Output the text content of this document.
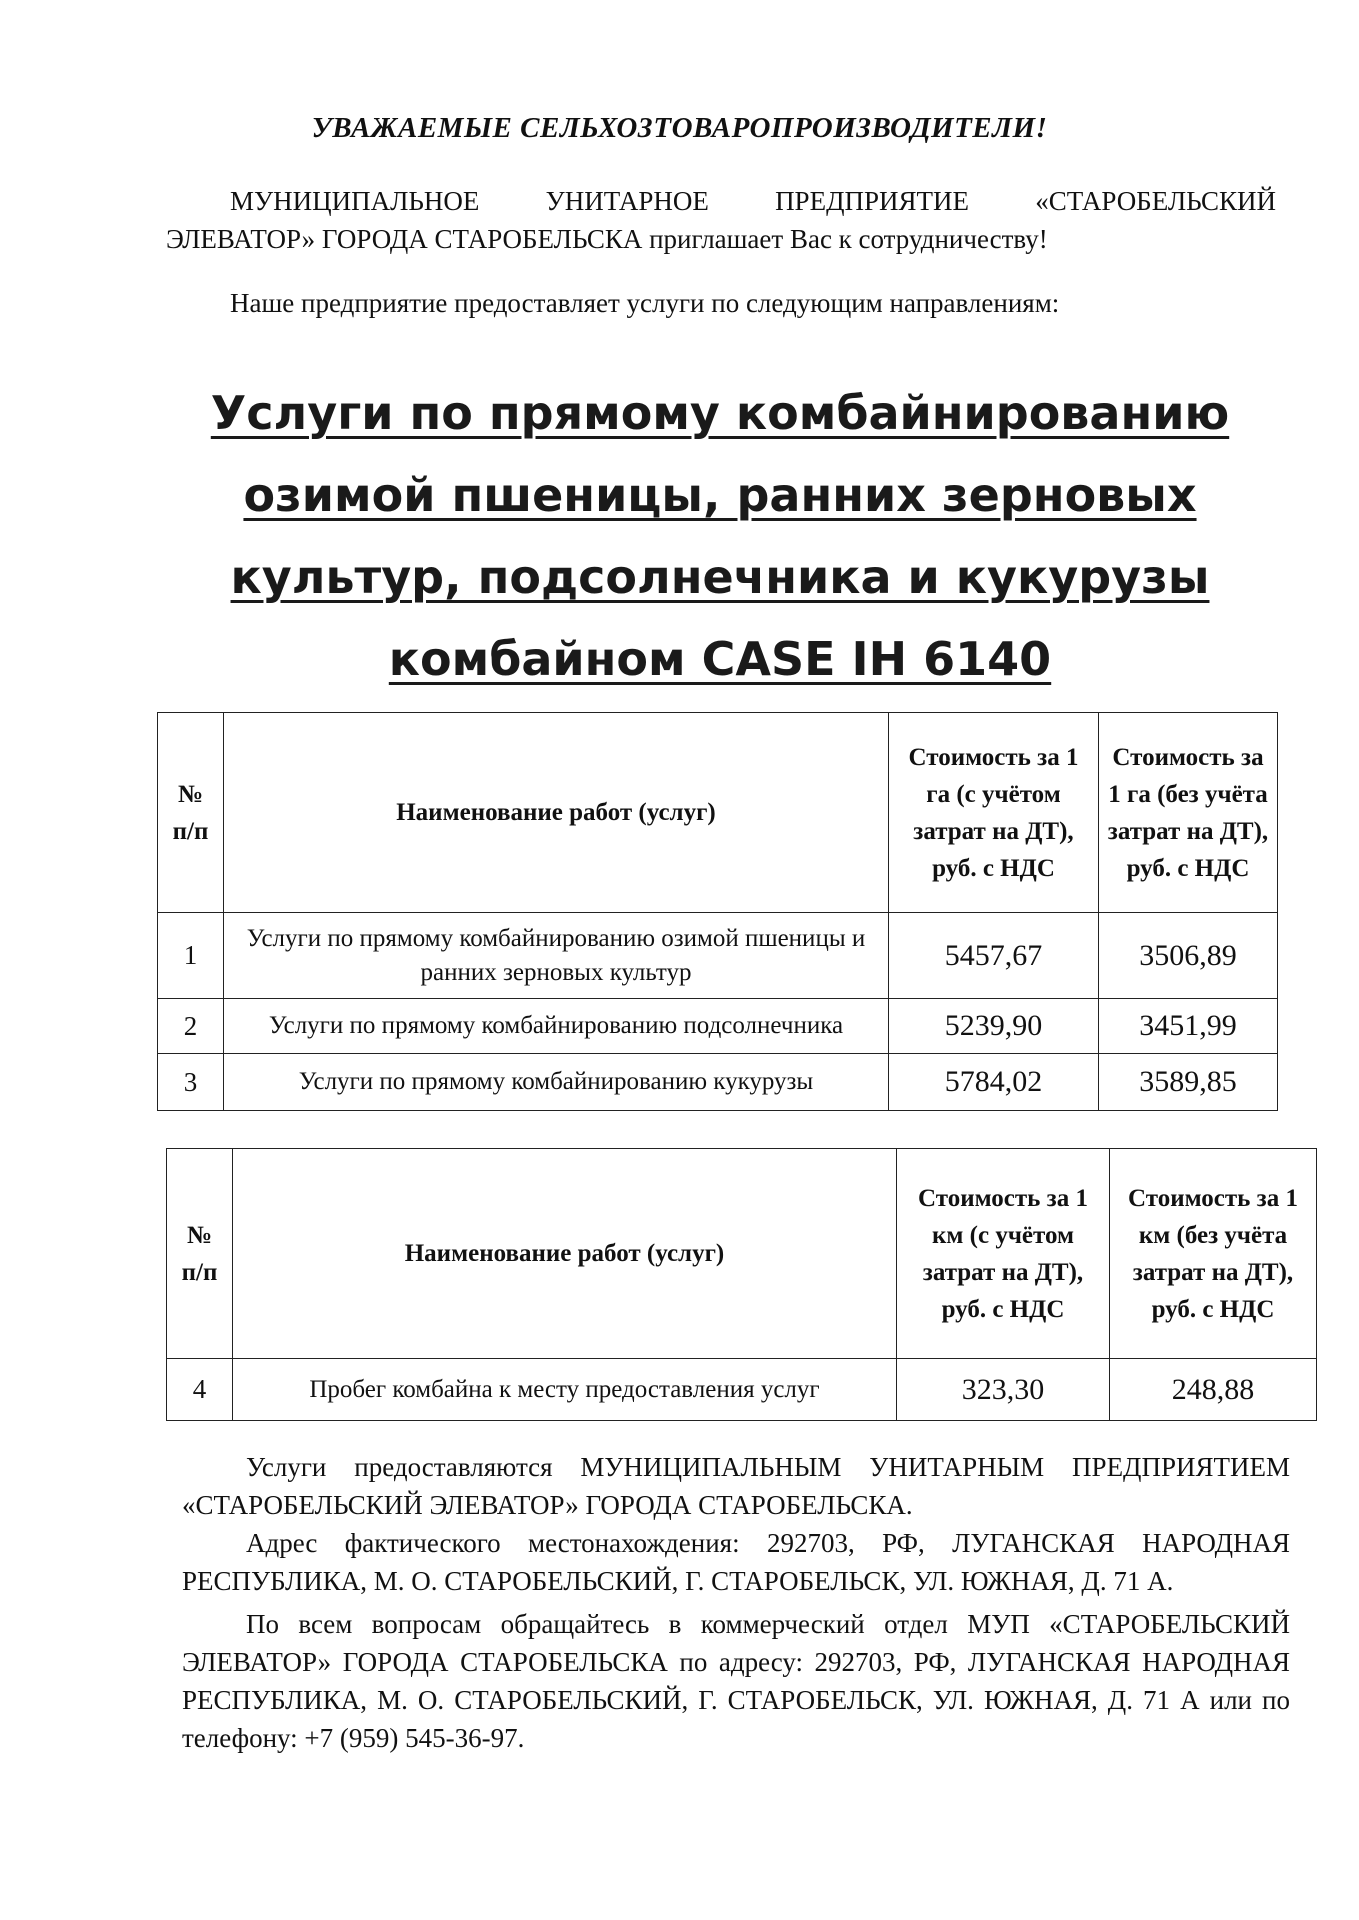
УВАЖАЕМЫЕ СЕЛЬХОЗТОВАРОПРОИЗВОДИТЕЛИ!
МУНИЦИПАЛЬНОЕ УНИТАРНОЕ ПРЕДПРИЯТИЕ «СТАРОБЕЛЬСКИЙ
ЭЛЕВАТОР» ГОРОДА СТАРОБЕЛЬСКА приглашает Вас к сотрудничеству!
Наше предприятие предоставляет услуги по следующим направлениям:
Услуги по прямому комбайнированию
озимой пшеницы, ранних зерновых
культур, подсолнечника и кукурузы
комбайном CASE IH 6140
№ п/п	Наименование работ (услуг)	Стоимость за 1 га (с учётом затрат на ДТ), руб. с НДС	Стоимость за 1 га (без учёта затрат на ДТ), руб. с НДС
1	Услуги по прямому комбайнированию озимой пшеницы и ранних зерновых культур	5457,67	3506,89
2	Услуги по прямому комбайнированию подсолнечника	5239,90	3451,99
3	Услуги по прямому комбайнированию кукурузы	5784,02	3589,85
№ п/п	Наименование работ (услуг)	Стоимость за 1 км (с учётом затрат на ДТ), руб. с НДС	Стоимость за 1 км (без учёта затрат на ДТ), руб. с НДС
4	Пробег комбайна к месту предоставления услуг	323,30	248,88

Услуги предоставляются МУНИЦИПАЛЬНЫМ УНИТАРНЫМ ПРЕДПРИЯТИЕМ «СТАРОБЕЛЬСКИЙ ЭЛЕВАТОР» ГОРОДА СТАРОБЕЛЬСКА.

Адрес фактического местонахождения: 292703, РФ, ЛУГАНСКАЯ НАРОДНАЯ РЕСПУБЛИКА, М. О. СТАРОБЕЛЬСКИЙ, Г. СТАРОБЕЛЬСК, УЛ. ЮЖНАЯ, Д. 71 А.

По всем вопросам обращайтесь в коммерческий отдел МУП «СТАРОБЕЛЬСКИЙ ЭЛЕВАТОР» ГОРОДА СТАРОБЕЛЬСКА по адресу: 292703, РФ, ЛУГАНСКАЯ НАРОДНАЯ РЕСПУБЛИКА, М. О. СТАРОБЕЛЬСКИЙ, Г. СТАРОБЕЛЬСК, УЛ. ЮЖНАЯ, Д. 71 А или по телефону: +7 (959) 545-36-97.
